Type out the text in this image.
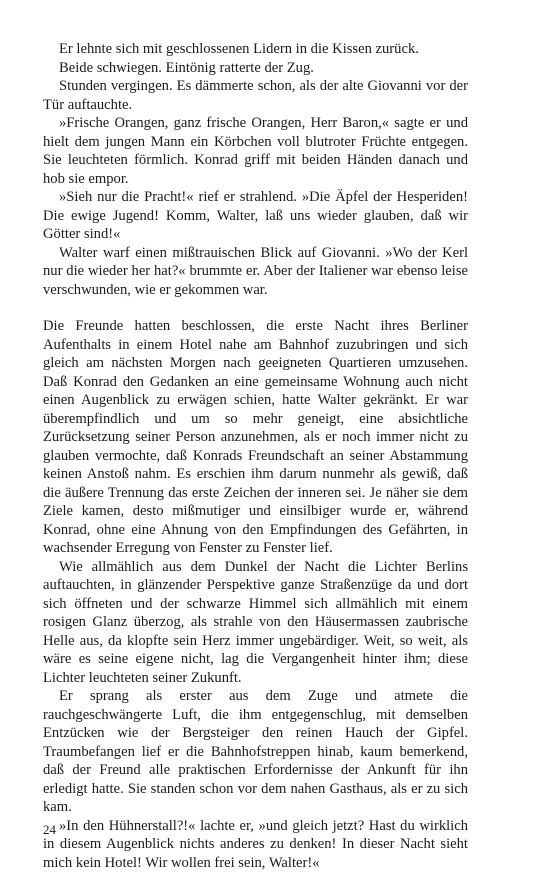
Er lehnte sich mit geschlossenen Lidern in die Kissen zurück.

Beide schwiegen. Eintönig ratterte der Zug.

Stunden vergingen. Es dämmerte schon, als der alte Giovanni vor der Tür auftauchte.

»Frische Orangen, ganz frische Orangen, Herr Baron,« sagte er und hielt dem jungen Mann ein Körbchen voll blutroter Früchte entgegen. Sie leuchteten förmlich. Konrad griff mit beiden Händen danach und hob sie empor.

»Sieh nur die Pracht!« rief er strahlend. »Die Äpfel der Hesperiden! Die ewige Jugend! Komm, Walter, laß uns wieder glauben, daß wir Götter sind!«

Walter warf einen mißtrauischen Blick auf Giovanni. »Wo der Kerl nur die wieder her hat?« brummte er. Aber der Italiener war ebenso leise verschwunden, wie er gekommen war.

Die Freunde hatten beschlossen, die erste Nacht ihres Berliner Aufenthalts in einem Hotel nahe am Bahnhof zuzubringen und sich gleich am nächsten Morgen nach geeigneten Quartieren umzusehen. Daß Konrad den Gedanken an eine gemeinsame Wohnung auch nicht einen Augenblick zu erwägen schien, hatte Walter gekränkt. Er war überempfindlich und um so mehr geneigt, eine absichtliche Zurücksetzung seiner Person anzunehmen, als er noch immer nicht zu glauben vermochte, daß Konrads Freundschaft an seiner Abstammung keinen Anstoß nahm. Es erschien ihm darum nunmehr als gewiß, daß die äußere Trennung das erste Zeichen der inneren sei. Je näher sie dem Ziele kamen, desto mißmutiger und einsilbiger wurde er, während Konrad, ohne eine Ahnung von den Empfindungen des Gefährten, in wachsender Erregung von Fenster zu Fenster lief.

Wie allmählich aus dem Dunkel der Nacht die Lichter Berlins auftauchten, in glänzender Perspektive ganze Straßenzüge da und dort sich öffneten und der schwarze Himmel sich allmählich mit einem rosigen Glanz überzog, als strahle von den Häusermassen zaubrische Helle aus, da klopfte sein Herz immer ungebärdiger. Weit, so weit, als wäre es seine eigene nicht, lag die Vergangenheit hinter ihm; diese Lichter leuchteten seiner Zukunft.

Er sprang als erster aus dem Zuge und atmete die rauchgeschwängerte Luft, die ihm entgegenschlug, mit demselben Entzücken wie der Bergsteiger den reinen Hauch der Gipfel. Traumbefangen lief er die Bahnhofstreppen hinab, kaum bemerkend, daß der Freund alle praktischen Erfordernisse der Ankunft für ihn erledigt hatte. Sie standen schon vor dem nahen Gasthaus, als er zu sich kam.

»In den Hühnerstall?!« lachte er, »und gleich jetzt? Hast du wirklich in diesem Augenblick nichts anderes zu denken! In dieser Nacht sieht mich kein Hotel! Wir wollen frei sein, Walter!«

24
